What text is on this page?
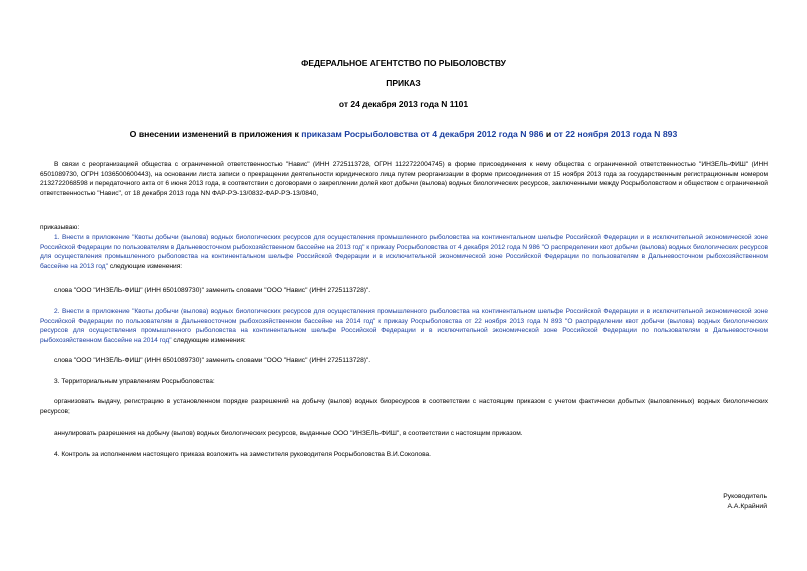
ФЕДЕРАЛЬНОЕ АГЕНТСТВО ПО РЫБОЛОВСТВУ
ПРИКАЗ
от 24 декабря 2013 года N 1101
О внесении изменений в приложения к приказам Росрыболовства от 4 декабря 2012 года N 986 и от 22 ноября 2013 года N 893
В связи с реорганизацией общества с ограниченной ответственностью "Навис" (ИНН 2725113728, ОГРН 1122722004745) в форме присоединения к нему общества с ограниченной ответственностью "ИНЗЕЛЬ-ФИШ" (ИНН 6501089730, ОГРН 1036500600443), на основании листа записи о прекращении деятельности юридического лица путем реорганизации в форме присоединения от 15 ноября 2013 года за государственным регистрационным номером 2132722068598 и передаточного акта от 6 июня 2013 года, в соответствии с договорами о закреплении долей квот добычи (вылова) водных биологических ресурсов, заключенными между Росрыболовством и обществом с ограниченной ответственностью "Навис", от 18 декабря 2013 года NN ФАР-РЭ-13/0832-ФАР-РЭ-13/0840,
приказываю:
1. Внести в приложение "Квоты добычи (вылова) водных биологических ресурсов для осуществления промышленного рыболовства на континентальном шельфе Российской Федерации и в исключительной экономической зоне Российской Федерации по пользователям в Дальневосточном рыбохозяйственном бассейне на 2013 год" к приказу Росрыболовства от 4 декабря 2012 года N 986 "О распределении квот добычи (вылова) водных биологических ресурсов для осуществления промышленного рыболовства на континентальном шельфе Российской Федерации и в исключительной экономической зоне Российской Федерации по пользователям в Дальневосточном рыбохозяйственном бассейне на 2013 год" следующие изменения:
слова "ООО "ИНЗЕЛЬ-ФИШ" (ИНН 6501089730)" заменить словами "ООО "Навис" (ИНН 2725113728)".
2. Внести в приложение "Квоты добычи (вылова) водных биологических ресурсов для осуществления промышленного рыболовства на континентальном шельфе Российской Федерации и в исключительной экономической зоне Российской Федерации по пользователям в Дальневосточном рыбохозяйственном бассейне на 2014 год" к приказу Росрыболовства от 22 ноября 2013 года N 893 "О распределении квот добычи (вылова) водных биологических ресурсов для осуществления промышленного рыболовства на континентальном шельфе Российской Федерации и в исключительной экономической зоне Российской Федерации по пользователям в Дальневосточном рыбохозяйственном бассейне на 2014 год" следующие изменения:
слова "ООО "ИНЗЕЛЬ-ФИШ" (ИНН 6501089730)" заменить словами "ООО "Навис" (ИНН 2725113728)".
3. Территориальным управлениям Росрыболовства:
организовать выдачу, регистрацию в установленном порядке разрешений на добычу (вылов) водных биоресурсов в соответствии с настоящим приказом с учетом фактически добытых (выловленных) водных биологических ресурсов;
аннулировать разрешения на добычу (вылов) водных биологических ресурсов, выданные ООО "ИНЗЕЛЬ-ФИШ", в соответствии с настоящим приказом.
4. Контроль за исполнением настоящего приказа возложить на заместителя руководителя Росрыболовства В.И.Соколова.
Руководитель
А.А.Крайний
